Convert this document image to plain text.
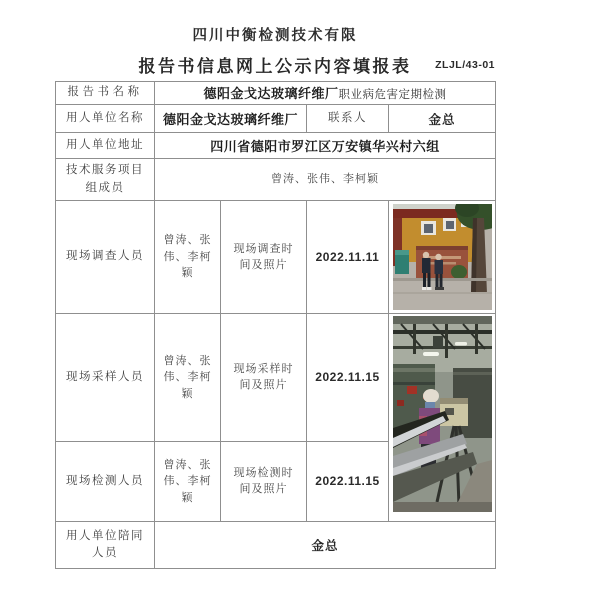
四川中衡检测技术有限
报告书信息网上公示内容填报表	ZLJL/43-01
报告书名称	德阳金戈达玻璃纤维厂职业病危害定期检测			
用人单位名称	德阳金戈达玻璃纤维厂		联系人	金总
用人单位地址	四川省德阳市罗江区万安镇华兴村六组			
技术服务项目组成员	曾涛、张伟、李柯颖			
现场调查人员	曾涛、张伟、李柯颖	现场调查时间及照片	2022.11.11	

现场采样人员	曾涛、张伟、李柯颖	现场采样时间及照片	2022.11.15	

现场检测人员	曾涛、张伟、李柯颖	现场检测时间及照片	2022.11.15	
用人单位陪同人员	金总			
